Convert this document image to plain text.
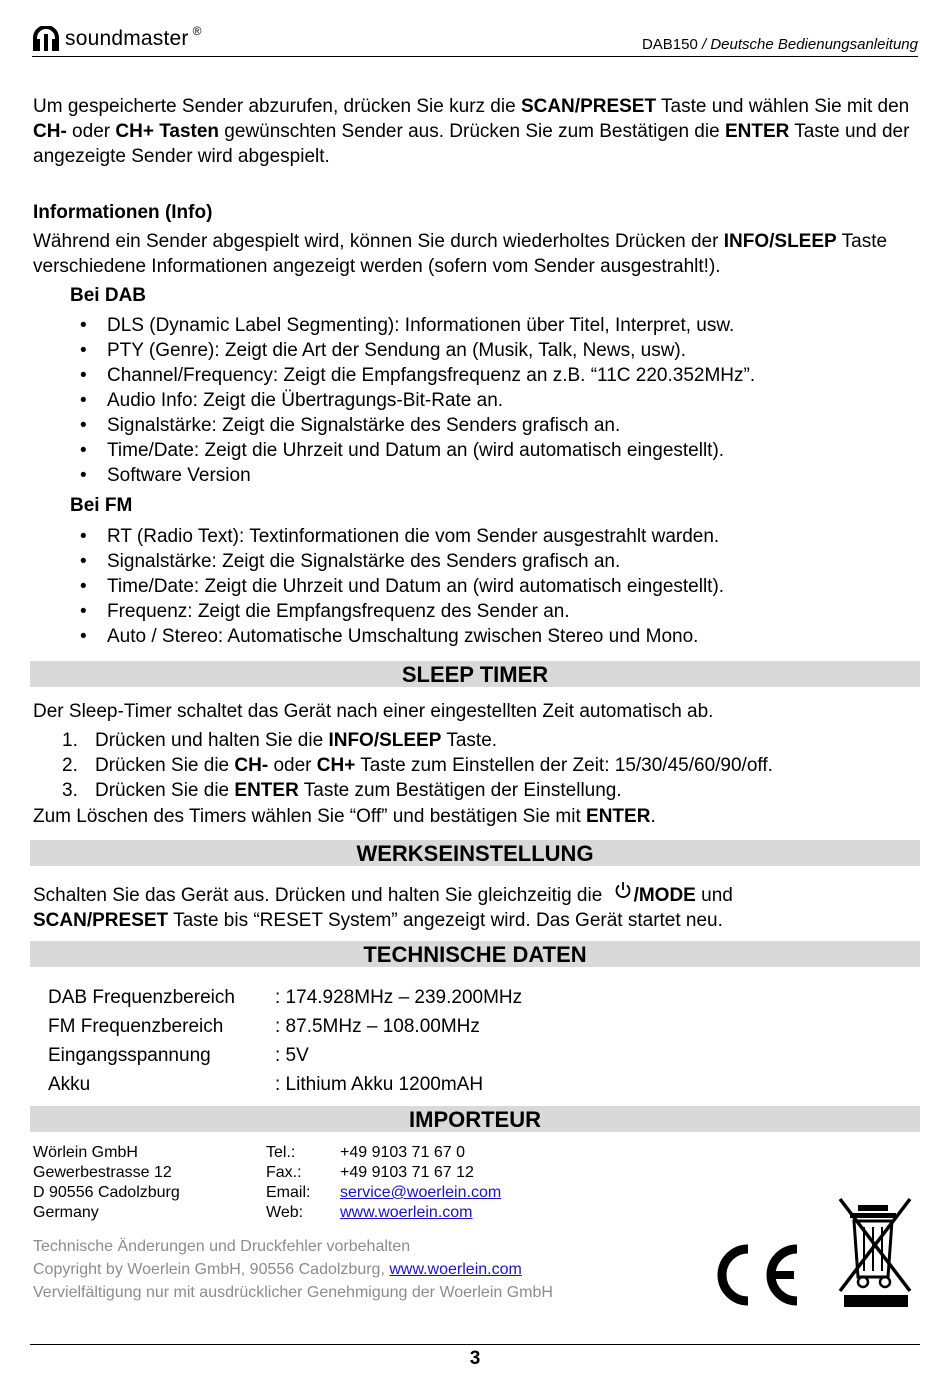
soundmaster ®
DAB150 / Deutsche Bedienungsanleitung
Um gespeicherte Sender abzurufen, drücken Sie kurz die SCAN/PRESET Taste und wählen Sie mit den CH- oder CH+ Tasten gewünschten Sender aus. Drücken Sie zum Bestätigen die ENTER Taste und der angezeigte Sender wird abgespielt.
Informationen (Info)
Während ein Sender abgespielt wird, können Sie durch wiederholtes Drücken der INFO/SLEEP Taste verschiedene Informationen angezeigt werden (sofern vom Sender ausgestrahlt!).
Bei DAB
• DLS (Dynamic Label Segmenting): Informationen über Titel, Interpret, usw.
• PTY (Genre): Zeigt die Art der Sendung an (Musik, Talk, News, usw).
• Channel/Frequency: Zeigt die Empfangsfrequenz an z.B. “11C 220.352MHz”.
• Audio Info: Zeigt die Übertragungs-Bit-Rate an.
• Signalstärke: Zeigt die Signalstärke des Senders grafisch an.
• Time/Date: Zeigt die Uhrzeit und Datum an (wird automatisch eingestellt).
• Software Version
Bei FM
• RT (Radio Text): Textinformationen die vom Sender ausgestrahlt warden.
• Signalstärke: Zeigt die Signalstärke des Senders grafisch an.
• Time/Date: Zeigt die Uhrzeit und Datum an (wird automatisch eingestellt).
• Frequenz: Zeigt die Empfangsfrequenz des Sender an.
• Auto / Stereo: Automatische Umschaltung zwischen Stereo und Mono.
SLEEP TIMER
Der Sleep-Timer schaltet das Gerät nach einer eingestellten Zeit automatisch ab.
1. Drücken und halten Sie die INFO/SLEEP Taste.
2. Drücken Sie die CH- oder CH+ Taste zum Einstellen der Zeit: 15/30/45/60/90/off.
3. Drücken Sie die ENTER Taste zum Bestätigen der Einstellung.
Zum Löschen des Timers wählen Sie “Off” und bestätigen Sie mit ENTER.
WERKSEINSTELLUNG
Schalten Sie das Gerät aus. Drücken und halten Sie gleichzeitig die /MODE und
SCAN/PRESET Taste bis “RESET System” angezeigt wird. Das Gerät startet neu.
TECHNISCHE DATEN
DAB Frequenzbereich	: 174.928MHz – 239.200MHz
FM Frequenzbereich	: 87.5MHz – 108.00MHz
Eingangsspannung	: 5V
Akku	: Lithium Akku 1200mAH
IMPORTEUR
Wörlein GmbH	Tel.:	+49 9103 71 67 0
Gewerbestrasse 12	Fax.:	+49 9103 71 67 12
D 90556 Cadolzburg	Email:	service@woerlein.com
Germany	Web:	www.woerlein.com
Technische Änderungen und Druckfehler vorbehalten
Copyright by Woerlein GmbH, 90556 Cadolzburg, www.woerlein.com
Vervielfältigung nur mit ausdrücklicher Genehmigung der Woerlein GmbH
3
